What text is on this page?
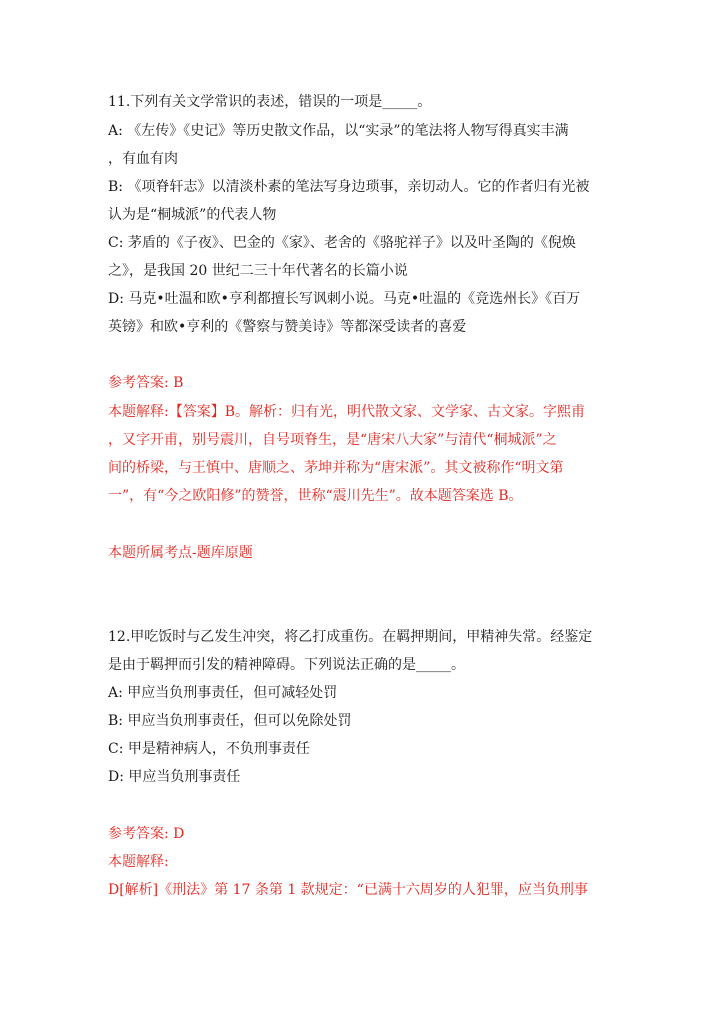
11.下列有关文学常识的表述，错误的一项是_____。
A: 《左传》《史记》等历史散文作品，以“实录”的笔法将人物写得真实丰满
，有血有肉
B: 《项脊轩志》以清淡朴素的笔法写身边琐事，亲切动人。它的作者归有光被
认为是“桐城派”的代表人物
C: 茅盾的《子夜》、巴金的《家》、老舍的《骆驼祥子》以及叶圣陶的《倪焕
之》，是我国 20 世纪二三十年代著名的长篇小说
D: 马克•吐温和欧•亨利都擅长写讽刺小说。马克•吐温的《竞选州长》《百万
英镑》和欧•亨利的《警察与赞美诗》等都深受读者的喜爱
参考答案: B
本题解释:【答案】B。解析：归有光，明代散文家、文学家、古文家。字熙甫
，又字开甫，别号震川，自号项脊生，是“唐宋八大家”与清代“桐城派”之
间的桥梁，与王慎中、唐顺之、茅坤并称为“唐宋派”。其文被称作“明文第
一”，有“今之欧阳修”的赞誉，世称“震川先生”。故本题答案选 B。
本题所属考点-题库原题
12.甲吃饭时与乙发生冲突，将乙打成重伤。在羁押期间，甲精神失常。经鉴定
是由于羁押而引发的精神障碍。下列说法正确的是_____。
A: 甲应当负刑事责任，但可减轻处罚
B: 甲应当负刑事责任，但可以免除处罚
C: 甲是精神病人，不负刑事责任
D: 甲应当负刑事责任
参考答案: D
本题解释:
D[解析]《刑法》第 17 条第 1 款规定：“已满十六周岁的人犯罪，应当负刑事
